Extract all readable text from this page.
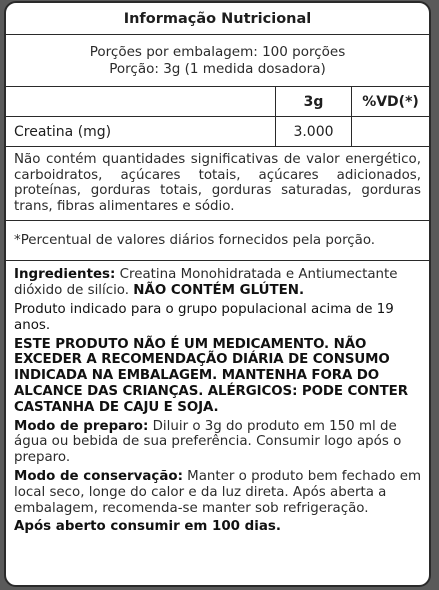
Informação Nutricional
Porções por embalagem: 100 porções
Porção: 3g (1 medida dosadora)
3g	%VD(*)
Creatina (mg)	3.000
Não contém quantidades significativas de valor energético, carboidratos, açúcares totais, açúcares adicionados, proteínas, gorduras totais, gorduras saturadas, gorduras trans, fibras alimentares e sódio.
*Percentual de valores diários fornecidos pela porção.

Ingredientes: Creatina Monohidratada e Antiumectante dióxido de silício. NÃO CONTÉM GLÚTEN.

Produto indicado para o grupo populacional acima de 19 anos.

ESTE PRODUTO NÃO É UM MEDICAMENTO. NÃO EXCEDER A RECOMENDAÇÃO DIÁRIA DE CONSUMO INDICADA NA EMBALAGEM. MANTENHA FORA DO ALCANCE DAS CRIANÇAS. ALÉRGICOS: PODE CONTER CASTANHA DE CAJU E SOJA.

Modo de preparo: Diluir o 3g do produto em 150 ml de água ou bebida de sua preferência. Consumir logo após o preparo.

Modo de conservação: Manter o produto bem fechado em local seco, longe do calor e da luz direta. Após aberta a embalagem, recomenda-se manter sob refrigeração.

Após aberto consumir em 100 dias.
